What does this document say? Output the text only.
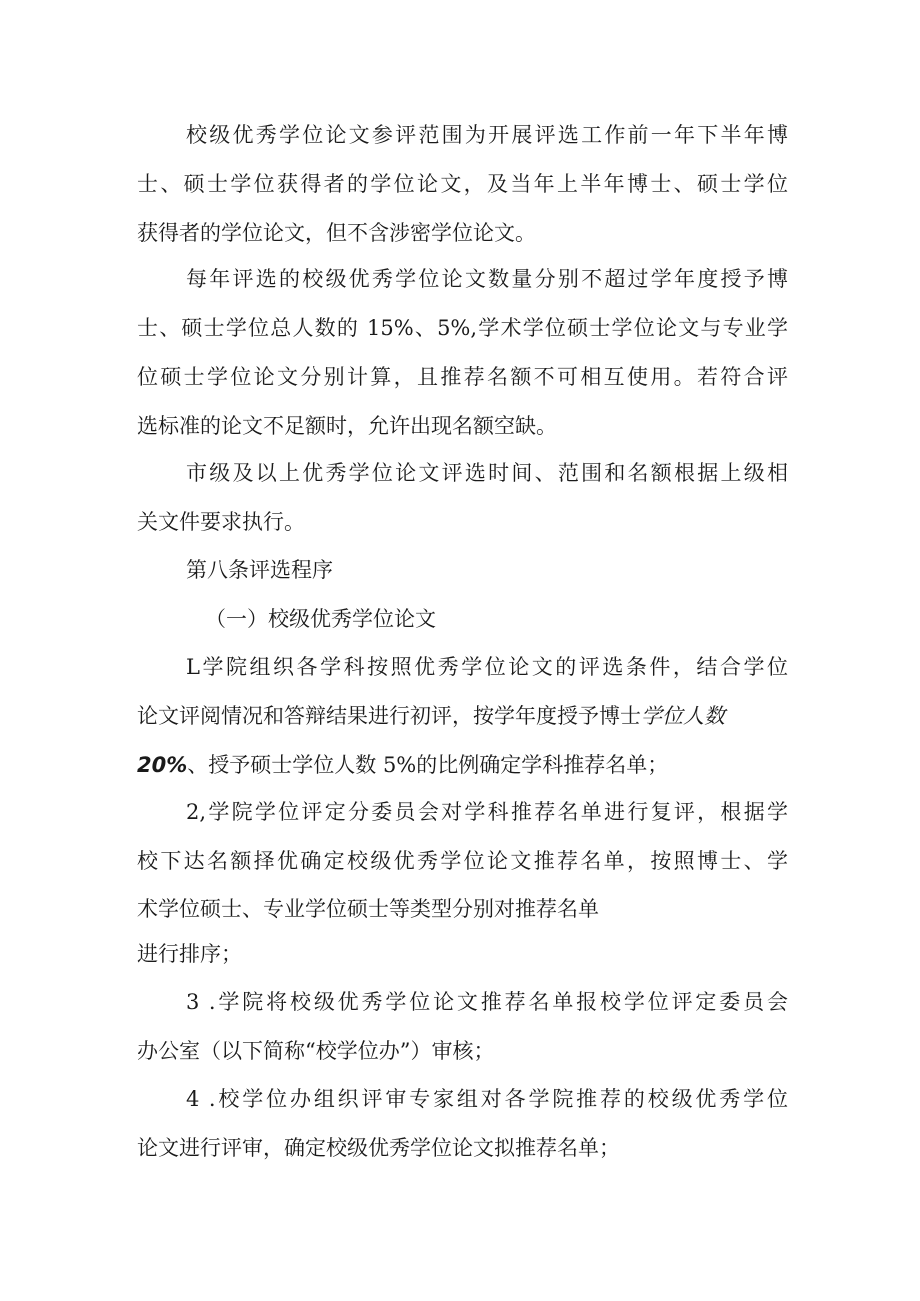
校级优秀学位论文参评范围为开展评选工作前一年下半年博
士、硕士学位获得者的学位论文，及当年上半年博士、硕士学位
获得者的学位论文，但不含涉密学位论文。
每年评选的校级优秀学位论文数量分别不超过学年度授予博
士、硕士学位总人数的 15%、5%,学术学位硕士学位论文与专业学
位硕士学位论文分别计算，且推荐名额不可相互使用。若符合评
选标准的论文不足额时，允许出现名额空缺。
市级及以上优秀学位论文评选时间、范围和名额根据上级相
关文件要求执行。
第八条评选程序
（一）校级优秀学位论文
L学院组织各学科按照优秀学位论文的评选条件，结合学位
论文评阅情况和答辩结果进行初评，按学年度授予博士学位人数
20%、授予硕士学位人数 5%的比例确定学科推荐名单；
2,学院学位评定分委员会对学科推荐名单进行复评，根据学
校下达名额择优确定校级优秀学位论文推荐名单，按照博士、学
术学位硕士、专业学位硕士等类型分别对推荐名单
进行排序；
3 .学院将校级优秀学位论文推荐名单报校学位评定委员会
办公室（以下简称“校学位办”）审核；
4 .校学位办组织评审专家组对各学院推荐的校级优秀学位
论文进行评审，确定校级优秀学位论文拟推荐名单；
